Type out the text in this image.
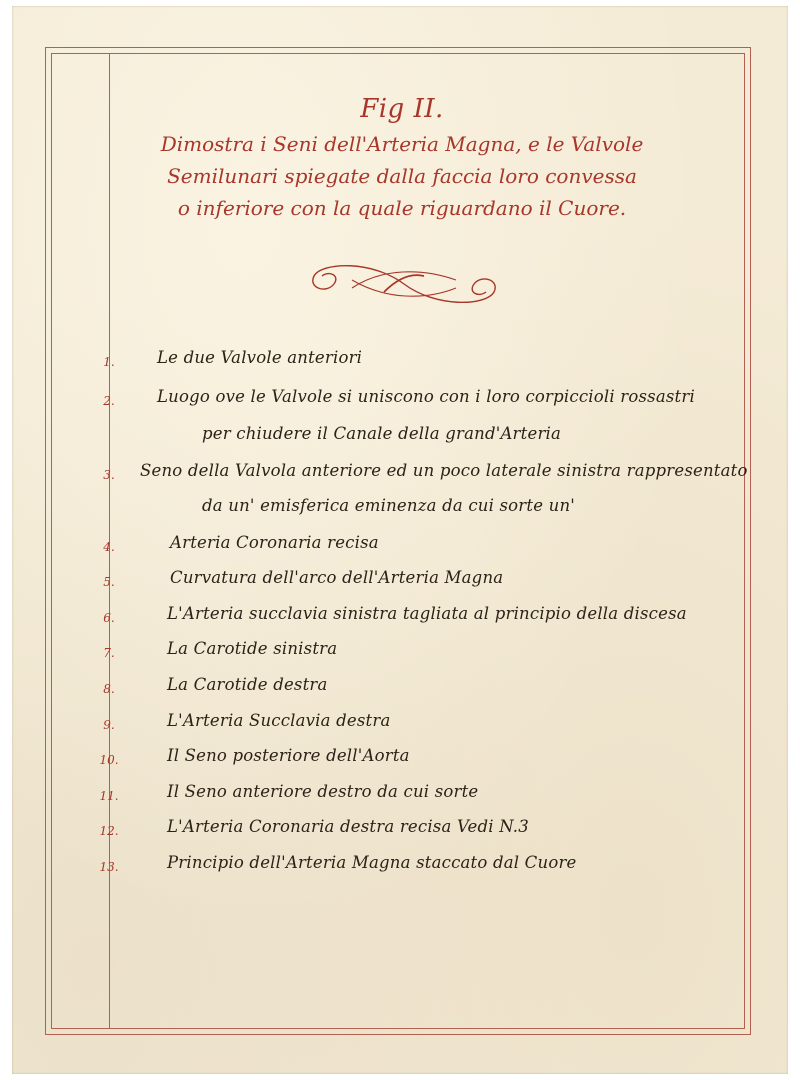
Fig II.
Dimostra i Seni dell'Arteria Magna, e le Valvole
Semilunari spiegate dalla faccia loro convessa
o inferiore con la quale riguardano il Cuore.
1.	Le due Valvole anteriori
2.	Luogo ove le Valvole si uniscono con i loro corpiccioli rossastri
per chiudere il Canale della grand'Arteria
3.	Seno della Valvola anteriore ed un poco laterale sinistra rappresentato
da un' emisferica eminenza da cui sorte un'
4.	Arteria Coronaria recisa
5.	Curvatura dell'arco dell'Arteria Magna
6.	L'Arteria succlavia sinistra tagliata al principio della discesa
7.	La Carotide sinistra
8.	La Carotide destra
9.	L'Arteria Succlavia destra
10.	Il Seno posteriore dell'Aorta
11.	Il Seno anteriore destro da cui sorte
12.	L'Arteria Coronaria destra recisa Vedi N.3
13.	Principio dell'Arteria Magna staccato dal Cuore
